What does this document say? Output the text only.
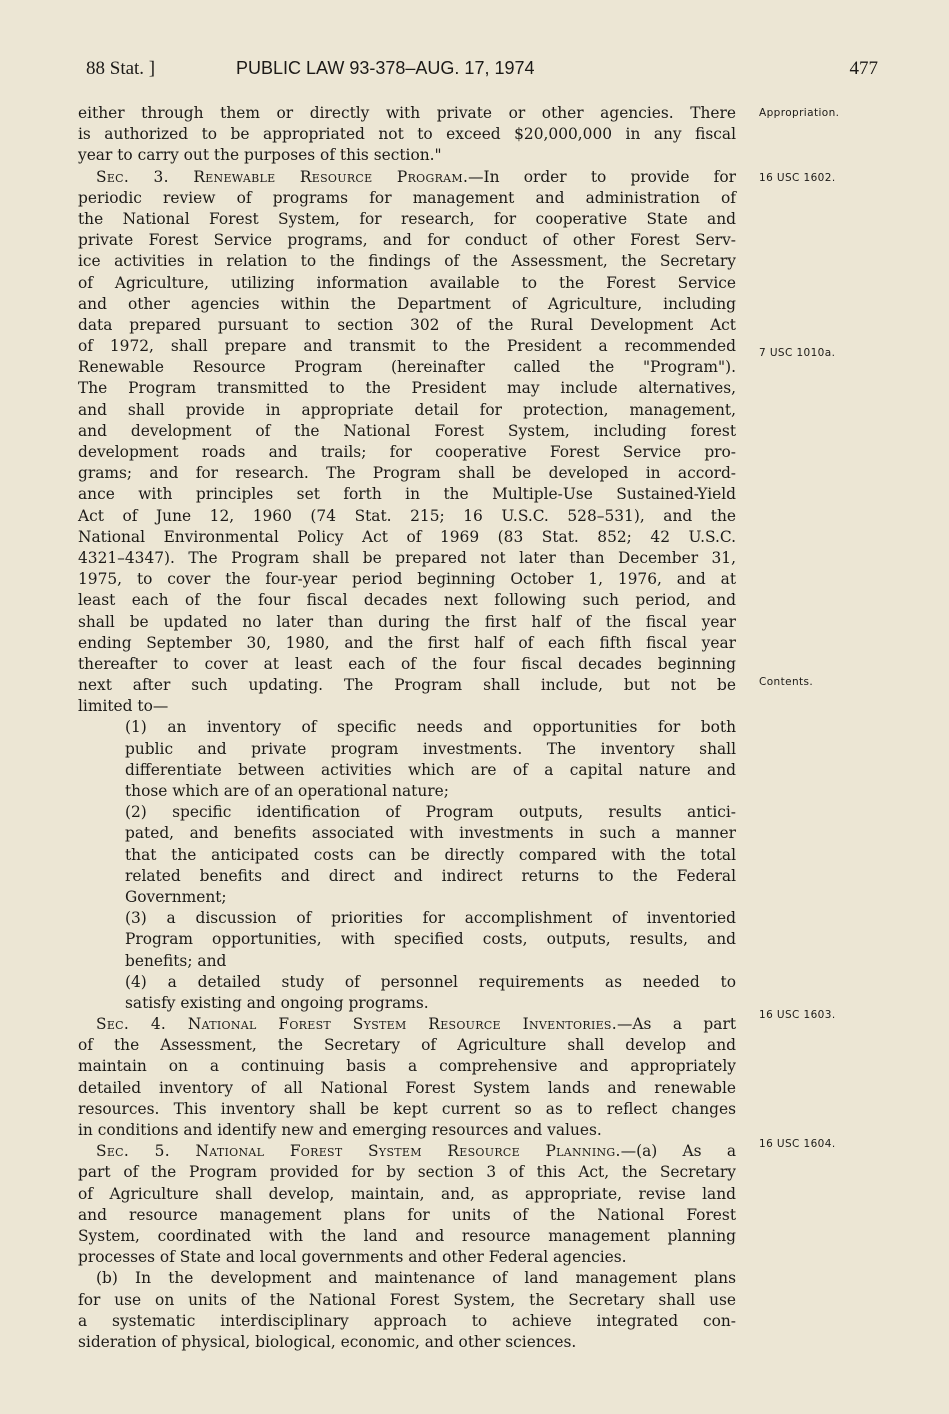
88 Stat. ]	PUBLIC LAW 93-378–AUG. 17, 1974	477
Appropriation.
16 USC 1602.
7 USC 1010a.
Contents.
16 USC 1603.
16 USC 1604.
either through them or directly with private or other agencies. There
is authorized to be appropriated not to exceed $20,000,000 in any fiscal
year to carry out the purposes of this section."
Sec. 3. Renewable Resource Program.—In order to provide for
periodic review of programs for management and administration of
the National Forest System, for research, for cooperative State and
private Forest Service programs, and for conduct of other Forest Serv-
ice activities in relation to the findings of the Assessment, the Secretary
of Agriculture, utilizing information available to the Forest Service
and other agencies within the Department of Agriculture, including
data prepared pursuant to section 302 of the Rural Development Act
of 1972, shall prepare and transmit to the President a recommended
Renewable Resource Program (hereinafter called the "Program").
The Program transmitted to the President may include alternatives,
and shall provide in appropriate detail for protection, management,
and development of the National Forest System, including forest
development roads and trails; for cooperative Forest Service pro-
grams; and for research. The Program shall be developed in accord-
ance with principles set forth in the Multiple-Use Sustained-Yield
Act of June 12, 1960 (74 Stat. 215; 16 U.S.C. 528–531), and the
National Environmental Policy Act of 1969 (83 Stat. 852; 42 U.S.C.
4321–4347). The Program shall be prepared not later than December 31,
1975, to cover the four-year period beginning October 1, 1976, and at
least each of the four fiscal decades next following such period, and
shall be updated no later than during the first half of the fiscal year
ending September 30, 1980, and the first half of each fifth fiscal year
thereafter to cover at least each of the four fiscal decades beginning
next after such updating. The Program shall include, but not be
limited to—
(1) an inventory of specific needs and opportunities for both
public and private program investments. The inventory shall
differentiate between activities which are of a capital nature and
those which are of an operational nature;
(2) specific identification of Program outputs, results antici-
pated, and benefits associated with investments in such a manner
that the anticipated costs can be directly compared with the total
related benefits and direct and indirect returns to the Federal
Government;
(3) a discussion of priorities for accomplishment of inventoried
Program opportunities, with specified costs, outputs, results, and
benefits; and
(4) a detailed study of personnel requirements as needed to
satisfy existing and ongoing programs.
Sec. 4. National Forest System Resource Inventories.—As a part
of the Assessment, the Secretary of Agriculture shall develop and
maintain on a continuing basis a comprehensive and appropriately
detailed inventory of all National Forest System lands and renewable
resources. This inventory shall be kept current so as to reflect changes
in conditions and identify new and emerging resources and values.
Sec. 5. National Forest System Resource Planning.—(a) As a
part of the Program provided for by section 3 of this Act, the Secretary
of Agriculture shall develop, maintain, and, as appropriate, revise land
and resource management plans for units of the National Forest
System, coordinated with the land and resource management planning
processes of State and local governments and other Federal agencies.
(b) In the development and maintenance of land management plans
for use on units of the National Forest System, the Secretary shall use
a systematic interdisciplinary approach to achieve integrated con-
sideration of physical, biological, economic, and other sciences.
